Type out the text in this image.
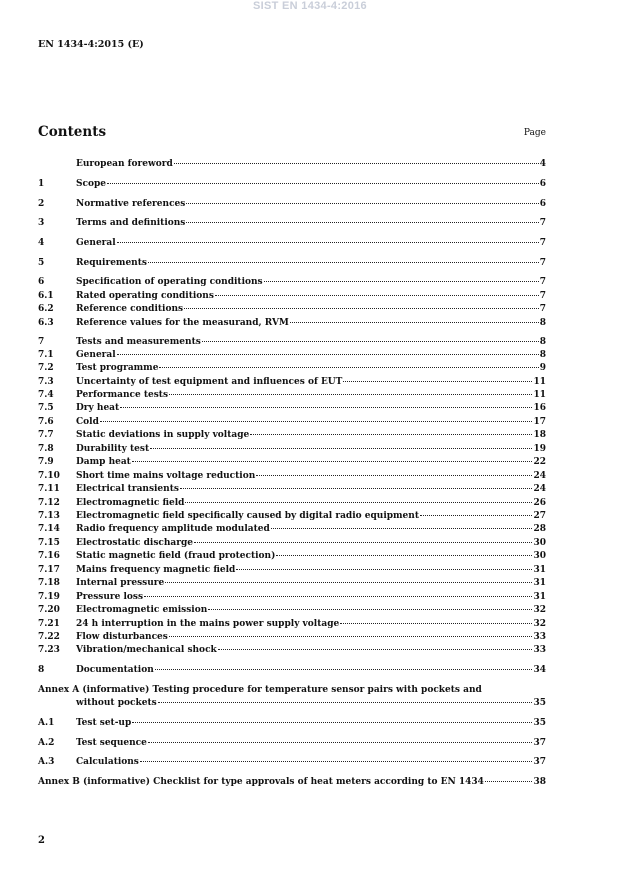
SIST EN 1434-4:2016
EN 1434-4:2015 (E)
Contents	Page
European foreword	4
1	Scope	6
2	Normative references	6
3	Terms and definitions	7
4	General	7
5	Requirements	7
6	Specification of operating conditions	7
6.1	Rated operating conditions	7
6.2	Reference conditions	7
6.3	Reference values for the measurand, RVM	8
7	Tests and measurements	8
7.1	General	8
7.2	Test programme	9
7.3	Uncertainty of test equipment and influences of EUT	11
7.4	Performance tests	11
7.5	Dry heat	16
7.6	Cold	17
7.7	Static deviations in supply voltage	18
7.8	Durability test	19
7.9	Damp heat	22
7.10	Short time mains voltage reduction	24
7.11	Electrical transients	24
7.12	Electromagnetic field	26
7.13	Electromagnetic field specifically caused by digital radio equipment	27
7.14	Radio frequency amplitude modulated	28
7.15	Electrostatic discharge	30
7.16	Static magnetic field (fraud protection)	30
7.17	Mains frequency magnetic field	31
7.18	Internal pressure	31
7.19	Pressure loss	31
7.20	Electromagnetic emission	32
7.21	24 h interruption in the mains power supply voltage	32
7.22	Flow disturbances	33
7.23	Vibration/mechanical shock	33
8	Documentation	34
Annex A (informative) Testing procedure for temperature sensor pairs with pockets and
without pockets	35
A.1	Test set-up	35
A.2	Test sequence	37
A.3	Calculations	37
Annex B (informative) Checklist for type approvals of heat meters according to EN 1434	38
2
